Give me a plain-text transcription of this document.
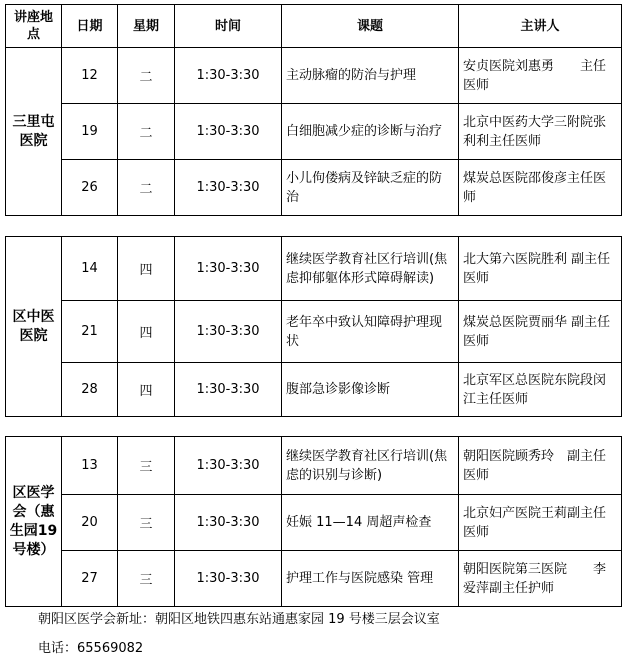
讲座地点	日期	星期	时间	课题	主讲人
三里屯医院	12	二	1:30-3:30	主动脉瘤的防治与护理	安贞医院刘惠勇　　主任医师
	19	二	1:30-3:30	白细胞减少症的诊断与治疗	北京中医药大学三附院张利利主任医师
	26	二	1:30-3:30	小儿佝偻病及锌缺乏症的防治	煤炭总医院邵俊彦主任医师
区中医医院	14	四	1:30-3:30	继续医学教育社区行培训(焦虑抑郁躯体形式障碍解读)	北大第六医院胜利 副主任医师
	21	四	1:30-3:30	老年卒中致认知障碍护理现状	煤炭总医院贾丽华 副主任医师
	28	四	1:30-3:30	腹部急诊影像诊断	北京军区总医院东院段闵江主任医师
区医学会（惠生园19号楼）	13	三	1:30-3:30	继续医学教育社区行培训(焦虑的识别与诊断)	朝阳医院顾秀玲　副主任医师
	20	三	1:30-3:30	妊娠 11—14 周超声检查	北京妇产医院王莉副主任医师
	27	三	1:30-3:30	护理工作与医院感染 管理	朝阳医院第三医院　　李爱萍副主任护师
朝阳区医学会新址：朝阳区地铁四惠东站通惠家园 19 号楼三层会议室
电话：65569082
